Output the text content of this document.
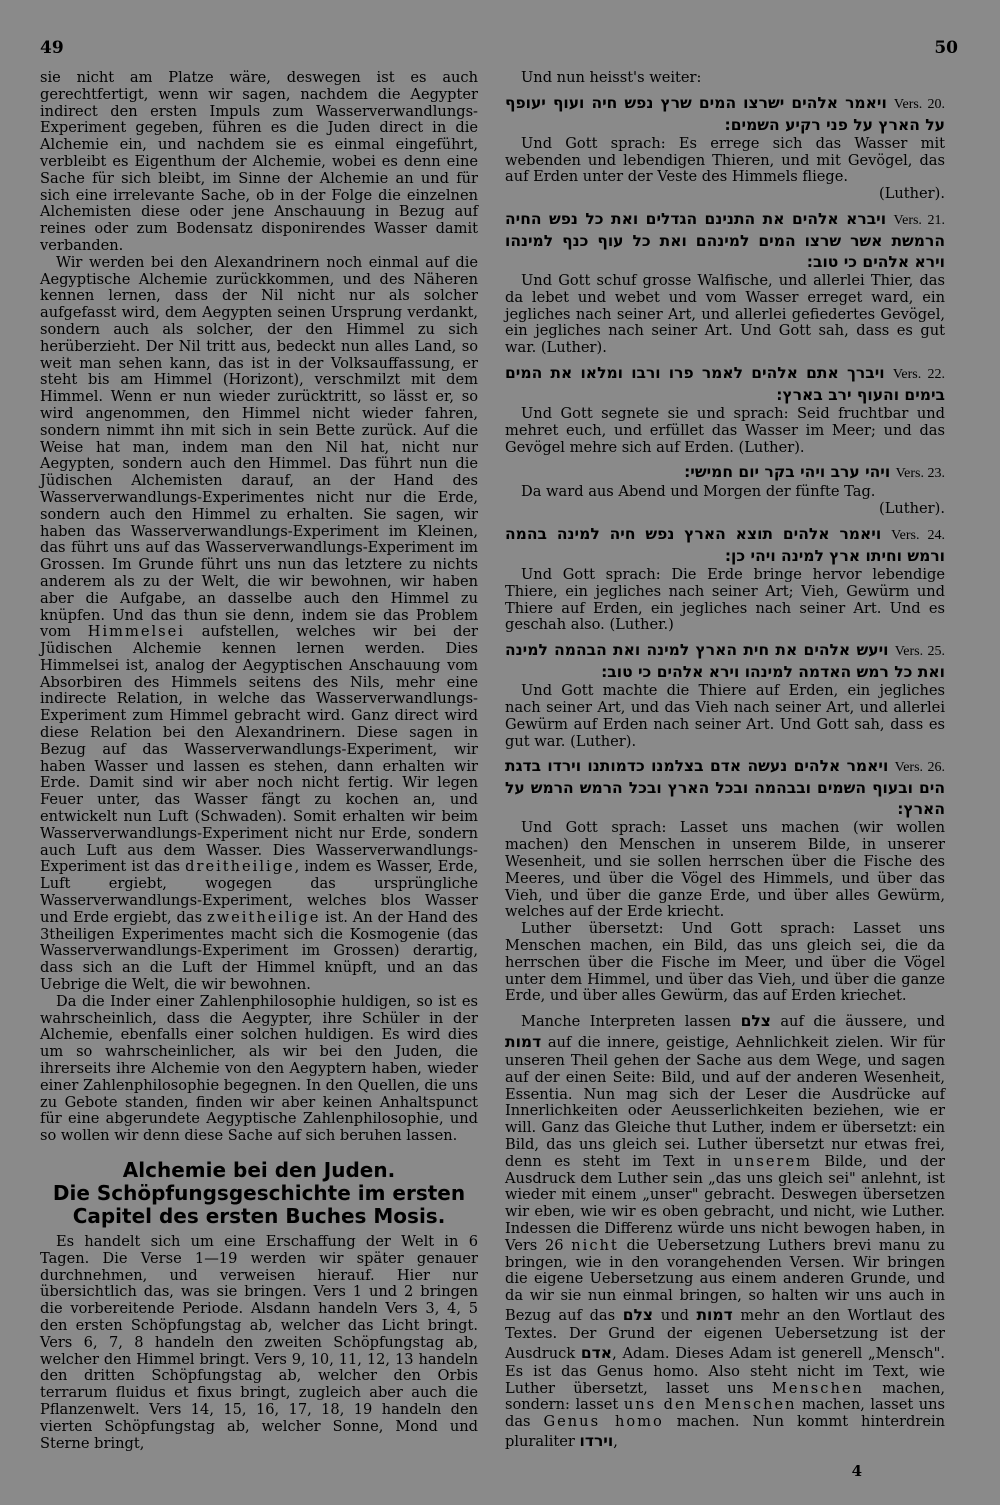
49	50

sie nicht am Platze wäre, deswegen ist es auch gerechtfertigt, wenn wir sagen, nachdem die Aegypter indirect den ersten Impuls zum Wasserverwandlungs-Experiment gegeben, führen es die Juden direct in die Alchemie ein, und nachdem sie es einmal eingeführt, verbleibt es Eigenthum der Alchemie, wobei es denn eine Sache für sich bleibt, im Sinne der Alchemie an und für sich eine irrelevante Sache, ob in der Folge die einzelnen Alchemisten diese oder jene Anschauung in Bezug auf reines oder zum Bodensatz disponirendes Wasser damit verbanden.

Wir werden bei den Alexandrinern noch einmal auf die Aegyptische Alchemie zurückkommen, und des Näheren kennen lernen, dass der Nil nicht nur als solcher aufgefasst wird, dem Aegypten seinen Ursprung verdankt, sondern auch als solcher, der den Himmel zu sich herüberzieht. Der Nil tritt aus, bedeckt nun alles Land, so weit man sehen kann, das ist in der Volksauffassung, er steht bis am Himmel (Horizont), verschmilzt mit dem Himmel. Wenn er nun wieder zurücktritt, so lässt er, so wird angenommen, den Himmel nicht wieder fahren, sondern nimmt ihn mit sich in sein Bette zurück. Auf die Weise hat man, indem man den Nil hat, nicht nur Aegypten, sondern auch den Himmel. Das führt nun die Jüdischen Alchemisten darauf, an der Hand des Wasserverwandlungs-Experimentes nicht nur die Erde, sondern auch den Himmel zu erhalten. Sie sagen, wir haben das Wasserverwandlungs-Experiment im Kleinen, das führt uns auf das Wasserverwandlungs-Experiment im Grossen. Im Grunde führt uns nun das letztere zu nichts anderem als zu der Welt, die wir bewohnen, wir haben aber die Aufgabe, an dasselbe auch den Himmel zu knüpfen. Und das thun sie denn, indem sie das Problem vom Himmelsei aufstellen, welches wir bei der Jüdischen Alchemie kennen lernen werden. Dies Himmelsei ist, analog der Aegyptischen Anschauung vom Absorbiren des Himmels seitens des Nils, mehr eine indirecte Relation, in welche das Wasserverwandlungs-Experiment zum Himmel gebracht wird. Ganz direct wird diese Relation bei den Alexandrinern. Diese sagen in Bezug auf das Wasserverwandlungs-Experiment, wir haben Wasser und lassen es stehen, dann erhalten wir Erde. Damit sind wir aber noch nicht fertig. Wir legen Feuer unter, das Wasser fängt zu kochen an, und entwickelt nun Luft (Schwaden). Somit erhalten wir beim Wasserverwandlungs-Experiment nicht nur Erde, sondern auch Luft aus dem Wasser. Dies Wasserverwandlungs-Experiment ist das dreitheilige, indem es Wasser, Erde, Luft ergiebt, wogegen das ursprüngliche Wasserverwandlungs-Experiment, welches blos Wasser und Erde ergiebt, das zweitheilige ist. An der Hand des 3theiligen Experimentes macht sich die Kosmogenie (das Wasserverwandlungs-Experiment im Grossen) derartig, dass sich an die Luft der Himmel knüpft, und an das Uebrige die Welt, die wir bewohnen.

Da die Inder einer Zahlenphilosophie huldigen, so ist es wahrscheinlich, dass die Aegypter, ihre Schüler in der Alchemie, ebenfalls einer solchen huldigen. Es wird dies um so wahrscheinlicher, als wir bei den Juden, die ihrerseits ihre Alchemie von den Aegyptern haben, wieder einer Zahlenphilosophie begegnen. In den Quellen, die uns zu Gebote standen, finden wir aber keinen Anhaltspunct für eine abgerundete Aegyptische Zahlenphilosophie, und so wollen wir denn diese Sache auf sich beruhen lassen.

Alchemie bei den Juden.
Die Schöpfungsgeschichte im ersten Capitel des ersten Buches Mosis.

Es handelt sich um eine Erschaffung der Welt in 6 Tagen. Die Verse 1—19 werden wir später genauer durchnehmen, und verweisen hierauf. Hier nur übersichtlich das, was sie bringen. Vers 1 und 2 bringen die vorbereitende Periode. Alsdann handeln Vers 3, 4, 5 den ersten Schöpfungstag ab, welcher das Licht bringt. Vers 6, 7, 8 handeln den zweiten Schöpfungstag ab, welcher den Himmel bringt. Vers 9, 10, 11, 12, 13 handeln den dritten Schöpfungstag ab, welcher den Orbis terrarum fluidus et fixus bringt, zugleich aber auch die Pflanzenwelt. Vers 14, 15, 16, 17, 18, 19 handeln den vierten Schöpfungstag ab, welcher Sonne, Mond und Sterne bringt,

Und nun heisst's weiter:

Vers. 20. ויאמר אלהים ישרצו המים שרץ נפש חיה ועוף יעופף על הארץ על פני רקיע השמים:

Und Gott sprach: Es errege sich das Wasser mit webenden und lebendigen Thieren, und mit Gevögel, das auf Erden unter der Veste des Himmels fliege.

(Luther).

Vers. 21. ויברא אלהים את התנינם הגדלים ואת כל נפש החיה הרמשת אשר שרצו המים למינהם ואת כל עוף כנף למינהו וירא אלהים כי טוב:

Und Gott schuf grosse Walfische, und allerlei Thier, das da lebet und webet und vom Wasser erreget ward, ein jegliches nach seiner Art, und allerlei gefiedertes Gevögel, ein jegliches nach seiner Art. Und Gott sah, dass es gut war. (Luther).

Vers. 22. ויברך אתם אלהים לאמר פרו ורבו ומלאו את המים בימים והעוף ירב בארץ:

Und Gott segnete sie und sprach: Seid fruchtbar und mehret euch, und erfüllet das Wasser im Meer; und das Gevögel mehre sich auf Erden. (Luther).

Vers. 23. ויהי ערב ויהי בקר יום חמישי:

Da ward aus Abend und Morgen der fünfte Tag.

(Luther).

Vers. 24. ויאמר אלהים תוצא הארץ נפש חיה למינה בהמה ורמש וחיתו ארץ למינה ויהי כן:

Und Gott sprach: Die Erde bringe hervor lebendige Thiere, ein jegliches nach seiner Art; Vieh, Gewürm und Thiere auf Erden, ein jegliches nach seiner Art. Und es geschah also. (Luther.)

Vers. 25. ויעש אלהים את חית הארץ למינה ואת הבהמה למינה ואת כל רמש האדמה למינהו וירא אלהים כי טוב:

Und Gott machte die Thiere auf Erden, ein jegliches nach seiner Art, und das Vieh nach seiner Art, und allerlei Gewürm auf Erden nach seiner Art. Und Gott sah, dass es gut war. (Luther).

Vers. 26. ויאמר אלהים נעשה אדם בצלמנו כדמותנו וירדו בדגת הים ובעוף השמים ובבהמה ובכל הארץ ובכל הרמש הרמש על הארץ:

Und Gott sprach: Lasset uns machen (wir wollen machen) den Menschen in unserem Bilde, in unserer Wesenheit, und sie sollen herrschen über die Fische des Meeres, und über die Vögel des Himmels, und über das Vieh, und über die ganze Erde, und über alles Gewürm, welches auf der Erde kriecht.

Luther übersetzt: Und Gott sprach: Lasset uns Menschen machen, ein Bild, das uns gleich sei, die da herrschen über die Fische im Meer, und über die Vögel unter dem Himmel, und über das Vieh, und über die ganze Erde, und über alles Gewürm, das auf Erden kriechet.

Manche Interpreten lassen צלם auf die äussere, und דמות auf die innere, geistige, Aehnlichkeit zielen. Wir für unseren Theil gehen der Sache aus dem Wege, und sagen auf der einen Seite: Bild, und auf der anderen Wesenheit, Essentia. Nun mag sich der Leser die Ausdrücke auf Innerlichkeiten oder Aeusserlichkeiten beziehen, wie er will. Ganz das Gleiche thut Luther, indem er übersetzt: ein Bild, das uns gleich sei. Luther übersetzt nur etwas frei, denn es steht im Text in unserem Bilde, und der Ausdruck dem Luther sein „das uns gleich sei" anlehnt, ist wieder mit einem „unser" gebracht. Deswegen übersetzen wir eben, wie wir es oben gebracht, und nicht, wie Luther. Indessen die Differenz würde uns nicht bewogen haben, in Vers 26 nicht die Uebersetzung Luthers brevi manu zu bringen, wie in den vorangehenden Versen. Wir bringen die eigene Uebersetzung aus einem anderen Grunde, und da wir sie nun einmal bringen, so halten wir uns auch in Bezug auf das צלם und דמות mehr an den Wortlaut des Textes. Der Grund der eigenen Uebersetzung ist der Ausdruck אדם, Adam. Dieses Adam ist generell „Mensch". Es ist das Genus homo. Also steht nicht im Text, wie Luther übersetzt, lasset uns Menschen machen, sondern: lasset uns den Menschen machen, lasset uns das Genus homo machen. Nun kommt hinterdrein pluraliter וירדו,

4
